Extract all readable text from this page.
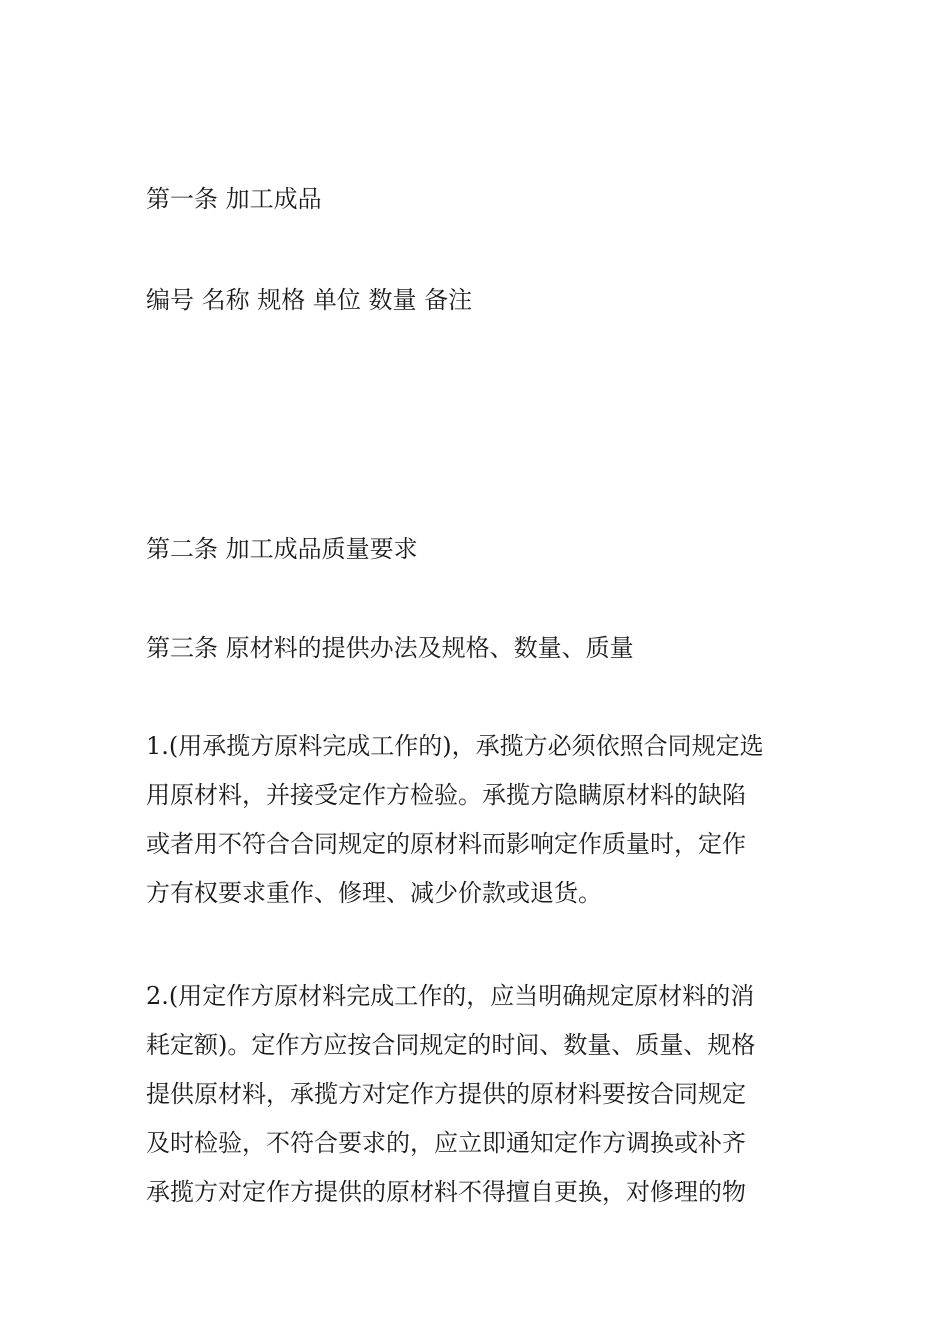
第一条 加工成品
编号 名称 规格 单位 数量 备注
第二条 加工成品质量要求
第三条 原材料的提供办法及规格、数量、质量
1.(用承揽方原料完成工作的)，承揽方必须依照合同规定选
用原材料，并接受定作方检验。承揽方隐瞒原材料的缺陷
或者用不符合合同规定的原材料而影响定作质量时，定作
方有权要求重作、修理、减少价款或退货。
2.(用定作方原材料完成工作的，应当明确规定原材料的消
耗定额)。定作方应按合同规定的时间、数量、质量、规格
提供原材料，承揽方对定作方提供的原材料要按合同规定
及时检验，不符合要求的，应立即通知定作方调换或补齐
承揽方对定作方提供的原材料不得擅自更换，对修理的物
